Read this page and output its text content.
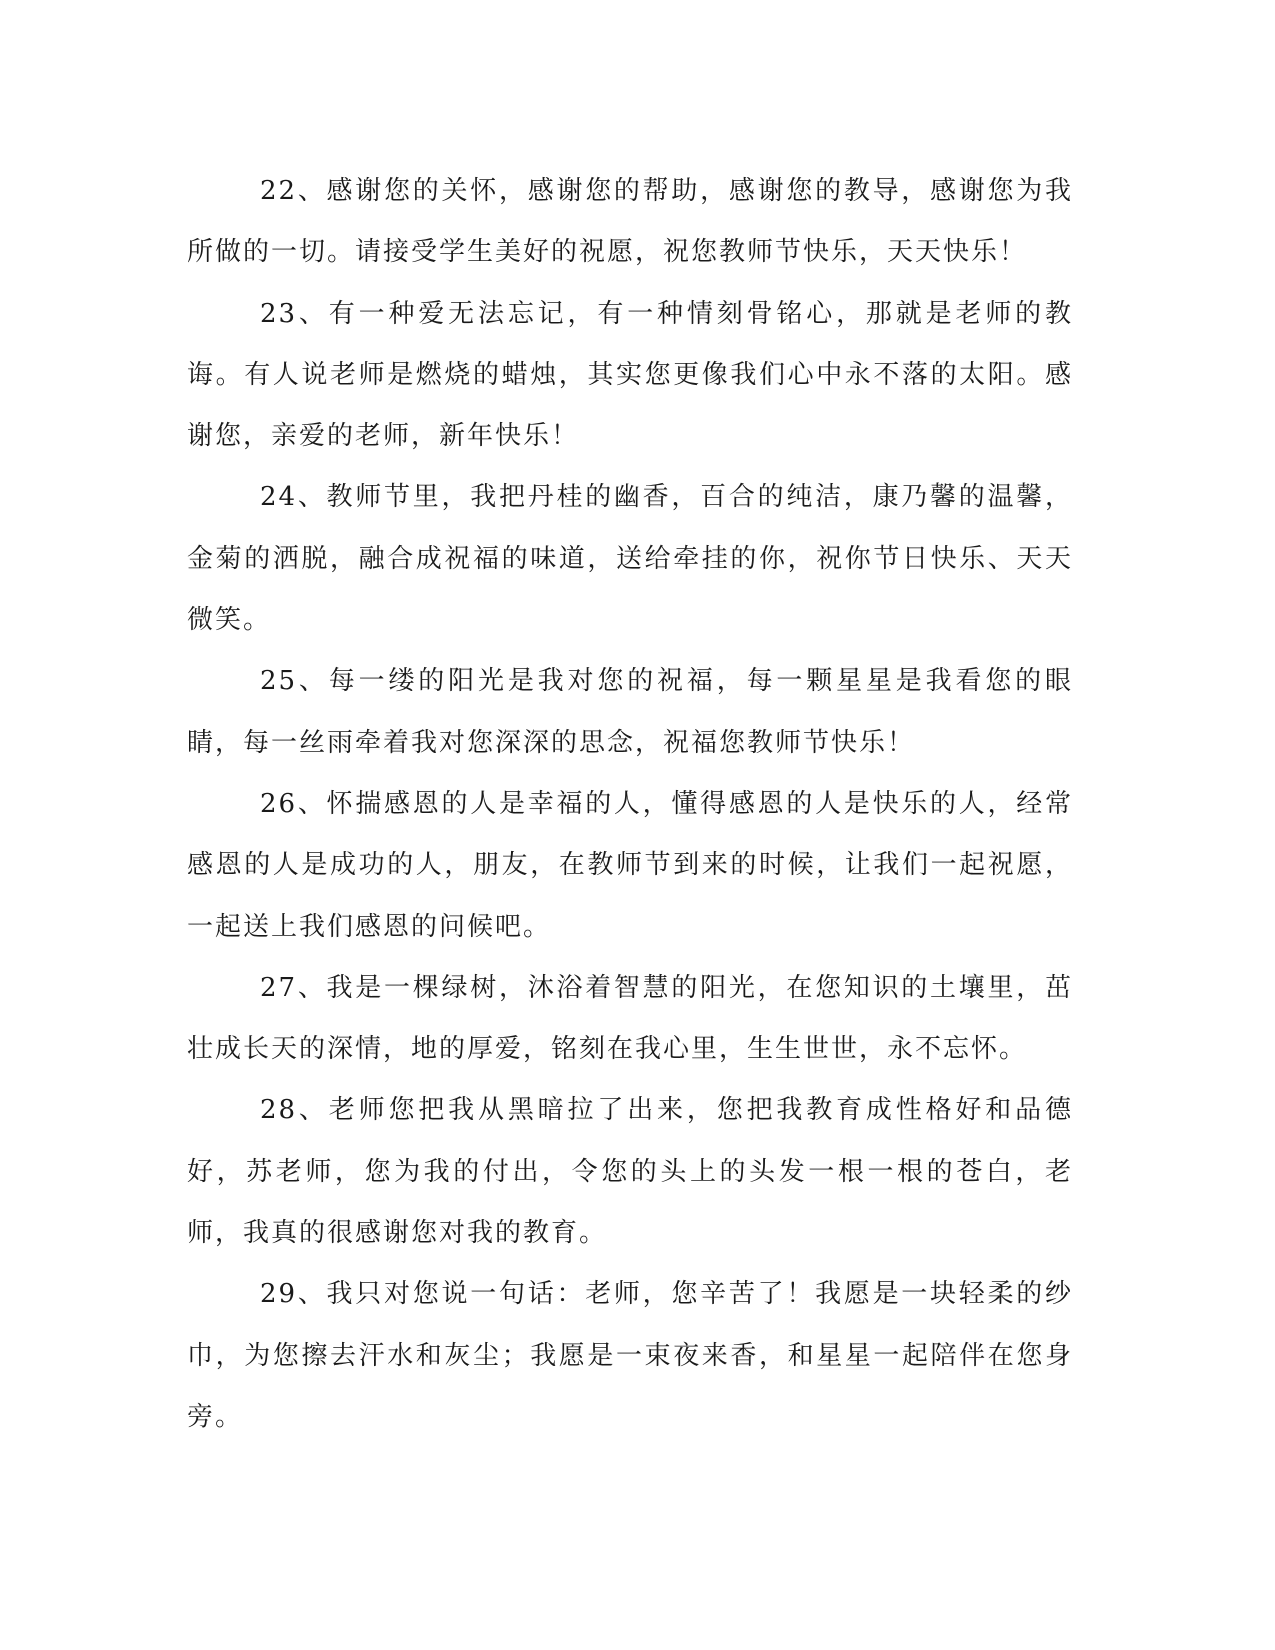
22、感谢您的关怀，感谢您的帮助，感谢您的教导，感谢您为我所做的一切。请接受学生美好的祝愿，祝您教师节快乐，天天快乐！

23、有一种爱无法忘记，有一种情刻骨铭心，那就是老师的教诲。有人说老师是燃烧的蜡烛，其实您更像我们心中永不落的太阳。感谢您，亲爱的老师，新年快乐！

24、教师节里，我把丹桂的幽香，百合的纯洁，康乃馨的温馨，金菊的洒脱，融合成祝福的味道，送给牵挂的你，祝你节日快乐、天天微笑。

25、每一缕的阳光是我对您的祝福，每一颗星星是我看您的眼睛，每一丝雨牵着我对您深深的思念，祝福您教师节快乐！

26、怀揣感恩的人是幸福的人，懂得感恩的人是快乐的人，经常感恩的人是成功的人，朋友，在教师节到来的时候，让我们一起祝愿，一起送上我们感恩的问候吧。

27、我是一棵绿树，沐浴着智慧的阳光，在您知识的土壤里，茁壮成长天的深情，地的厚爱，铭刻在我心里，生生世世，永不忘怀。

28、老师您把我从黑暗拉了出来，您把我教育成性格好和品德好，苏老师，您为我的付出，令您的头上的头发一根一根的苍白，老师，我真的很感谢您对我的教育。

29、我只对您说一句话：老师，您辛苦了！我愿是一块轻柔的纱巾，为您擦去汗水和灰尘；我愿是一束夜来香，和星星一起陪伴在您身旁。
